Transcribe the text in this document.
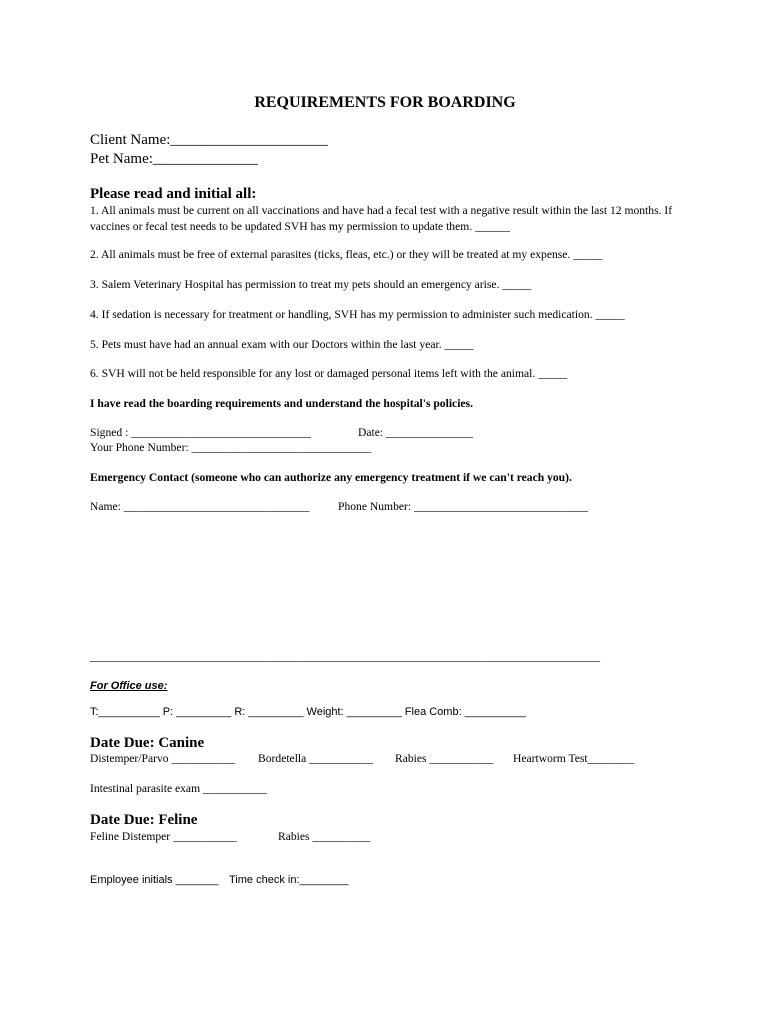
REQUIREMENTS FOR BOARDING
Client Name:_____________________
Pet Name:______________
Please read and initial all:
1. All animals must be current on all vaccinations and have had a fecal test with a negative result within the last 12 months. If vaccines or fecal test needs to be updated SVH has my permission to update them. ______
2. All animals must be free of external parasites (ticks, fleas, etc.) or they will be treated at my expense. _____
3. Salem Veterinary Hospital has permission to treat my pets should an emergency arise. _____
4. If sedation is necessary for treatment or handling, SVH has my permission to administer such medication. _____
5. Pets must have had an annual exam with our Doctors within the last year. _____
6. SVH will not be held responsible for any lost or damaged personal items left with the animal. _____
I have read the boarding requirements and understand the hospital's policies.
Signed : _______________________________	Date: _______________
Your Phone Number: _______________________________
Emergency Contact (someone who can authorize any emergency treatment if we can't reach you).
Name: ________________________________ Phone Number: ______________________________
________________________________________________________________________________________
For Office use:
T:__________ P: _________ R: _________ Weight: _________ Flea Comb: __________
Date Due: Canine
Distemper/Parvo ___________ Bordetella ___________ Rabies ___________ Heartworm Test________
Intestinal parasite exam ___________
Date Due: Feline
Feline Distemper ___________	Rabies __________
Employee initials _______ Time check in:________
